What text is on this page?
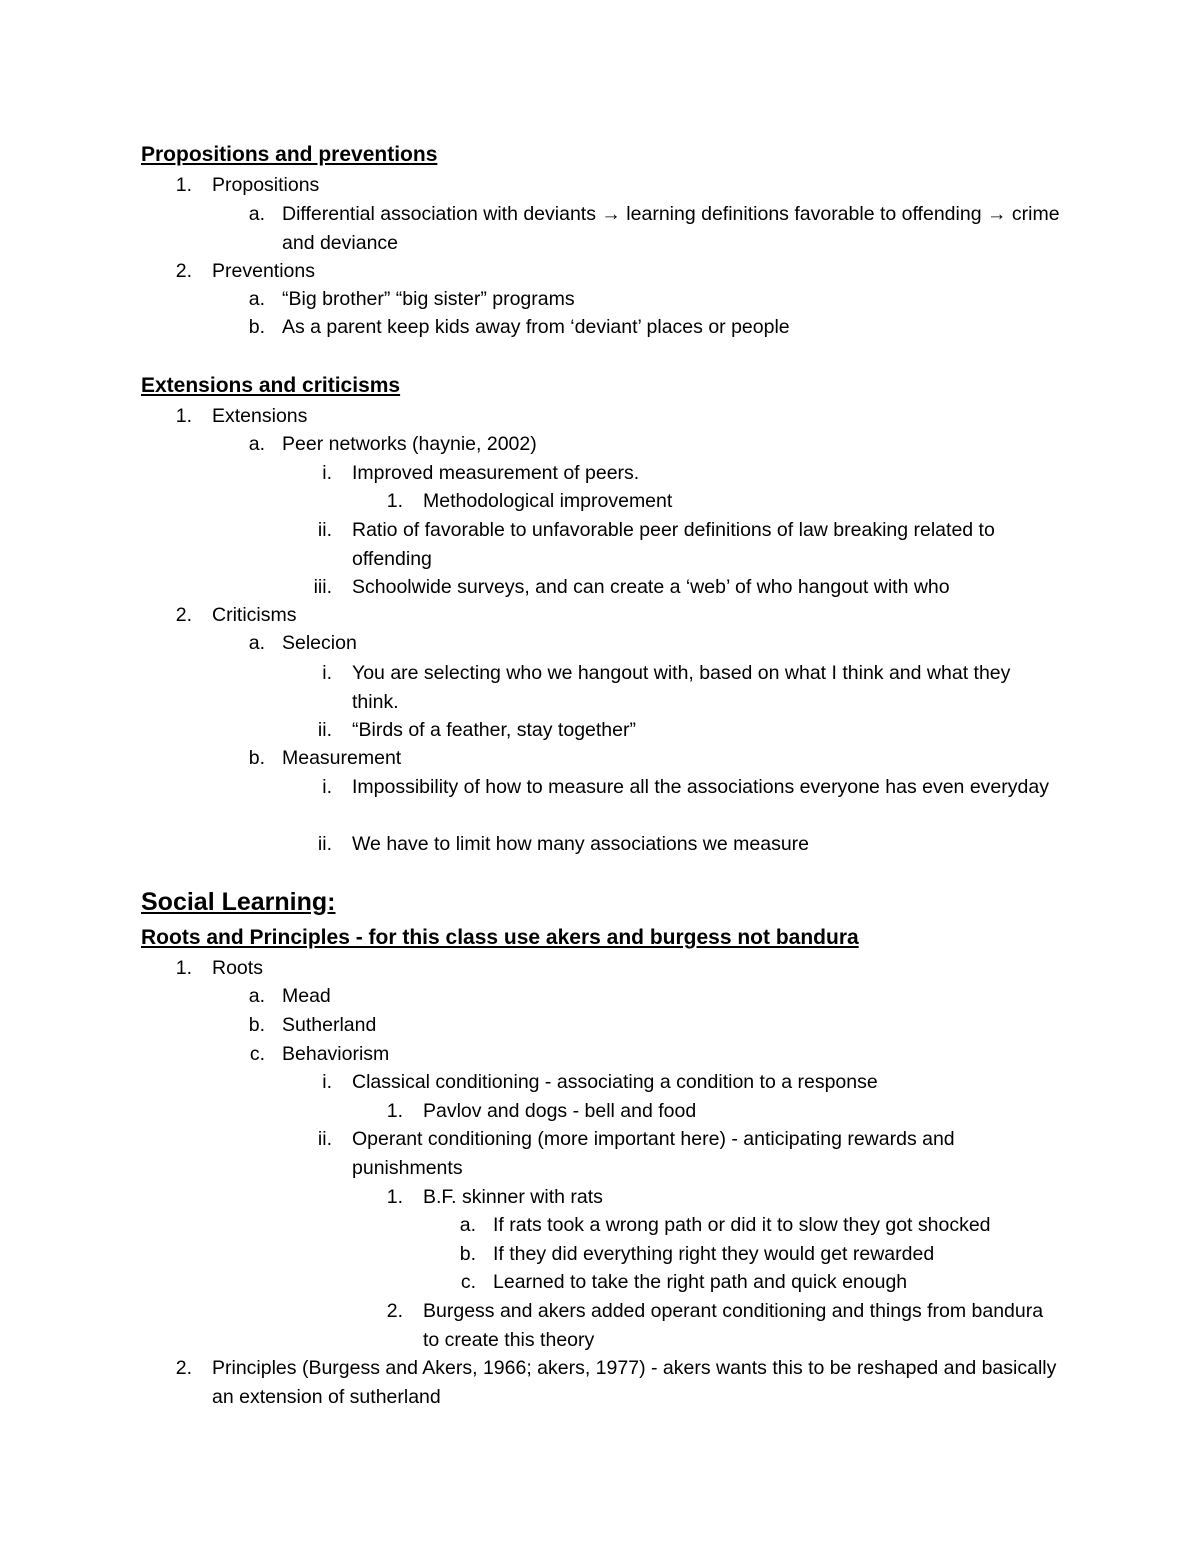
Propositions and preventions
1. Propositions
a. Differential association with deviants → learning definitions favorable to offending → crime and deviance
2. Preventions
a. “Big brother” “big sister” programs
b. As a parent keep kids away from ‘deviant’ places or people
Extensions and criticisms
1. Extensions
a. Peer networks (haynie, 2002)
i. Improved measurement of peers.
1. Methodological improvement
ii. Ratio of favorable to unfavorable peer definitions of law breaking related to offending
iii. Schoolwide surveys, and can create a ‘web’ of who hangout with who
2. Criticisms
a. Selecion
i. You are selecting who we hangout with, based on what I think and what they think.
ii. “Birds of a feather, stay together”
b. Measurement
i. Impossibility of how to measure all the associations everyone has even everyday
ii. We have to limit how many associations we measure
Social Learning:
Roots and Principles - for this class use akers and burgess not bandura
1. Roots
a. Mead
b. Sutherland
c. Behaviorism
i. Classical conditioning - associating a condition to a response
1. Pavlov and dogs - bell and food
ii. Operant conditioning (more important here) - anticipating rewards and punishments
1. B.F. skinner with rats
a. If rats took a wrong path or did it to slow they got shocked
b. If they did everything right they would get rewarded
c. Learned to take the right path and quick enough
2. Burgess and akers added operant conditioning and things from bandura to create this theory
2. Principles (Burgess and Akers, 1966; akers, 1977) - akers wants this to be reshaped and basically an extension of sutherland
